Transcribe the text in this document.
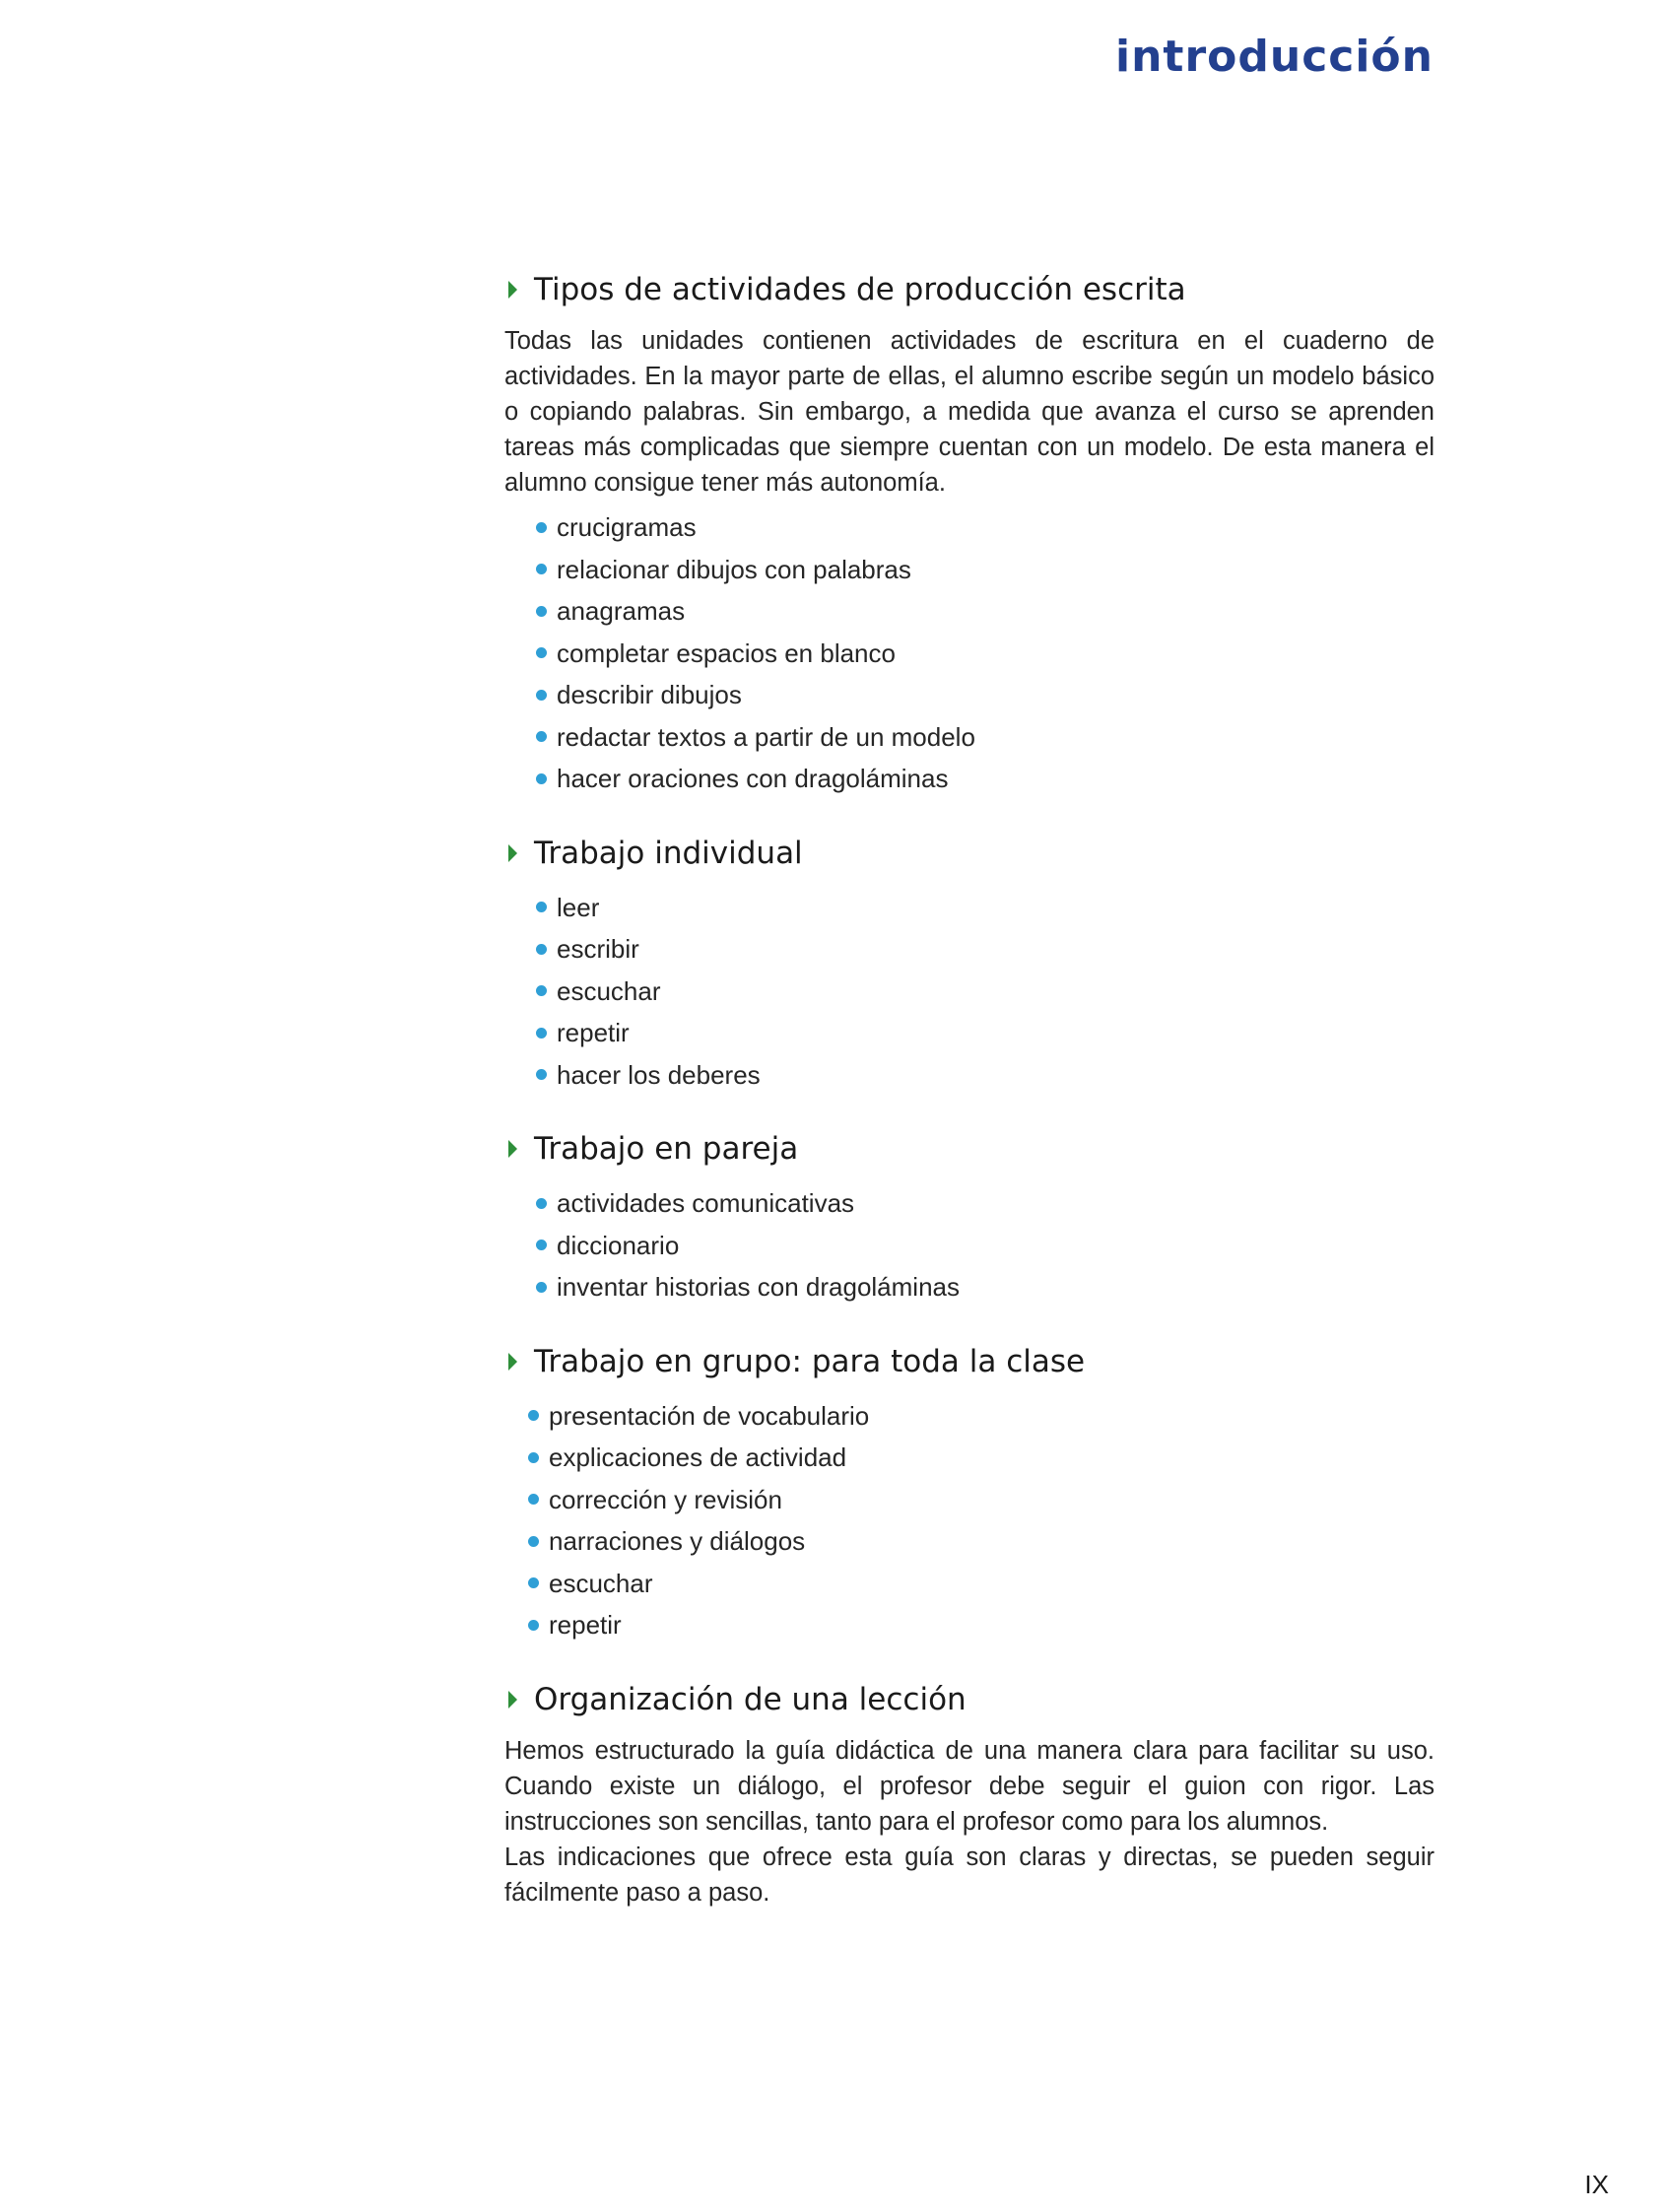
introducción
Tipos de actividades de producción escrita

Todas las unidades contienen actividades de escritura en el cuaderno de actividades. En la mayor parte de ellas, el alumno escribe según un modelo básico o copiando palabras. Sin embargo, a medida que avanza el curso se aprenden tareas más complicadas que siempre cuentan con un modelo. De esta manera el alumno consigue tener más autonomía.

crucigramas
relacionar dibujos con palabras
anagramas
completar espacios en blanco
describir dibujos
redactar textos a partir de un modelo
hacer oraciones con dragoláminas
Trabajo individual
leer
escribir
escuchar
repetir
hacer los deberes
Trabajo en pareja
actividades comunicativas
diccionario
inventar historias con dragoláminas
Trabajo en grupo: para toda la clase
presentación de vocabulario
explicaciones de actividad
corrección y revisión
narraciones y diálogos
escuchar
repetir
Organización de una lección

Hemos estructurado la guía didáctica de una manera clara para facilitar su uso. Cuando existe un diálogo, el profesor debe seguir el guion con rigor. Las instrucciones son sencillas, tanto para el profesor como para los alumnos.

Las indicaciones que ofrece esta guía son claras y directas, se pueden seguir fácilmente paso a paso.

IX
